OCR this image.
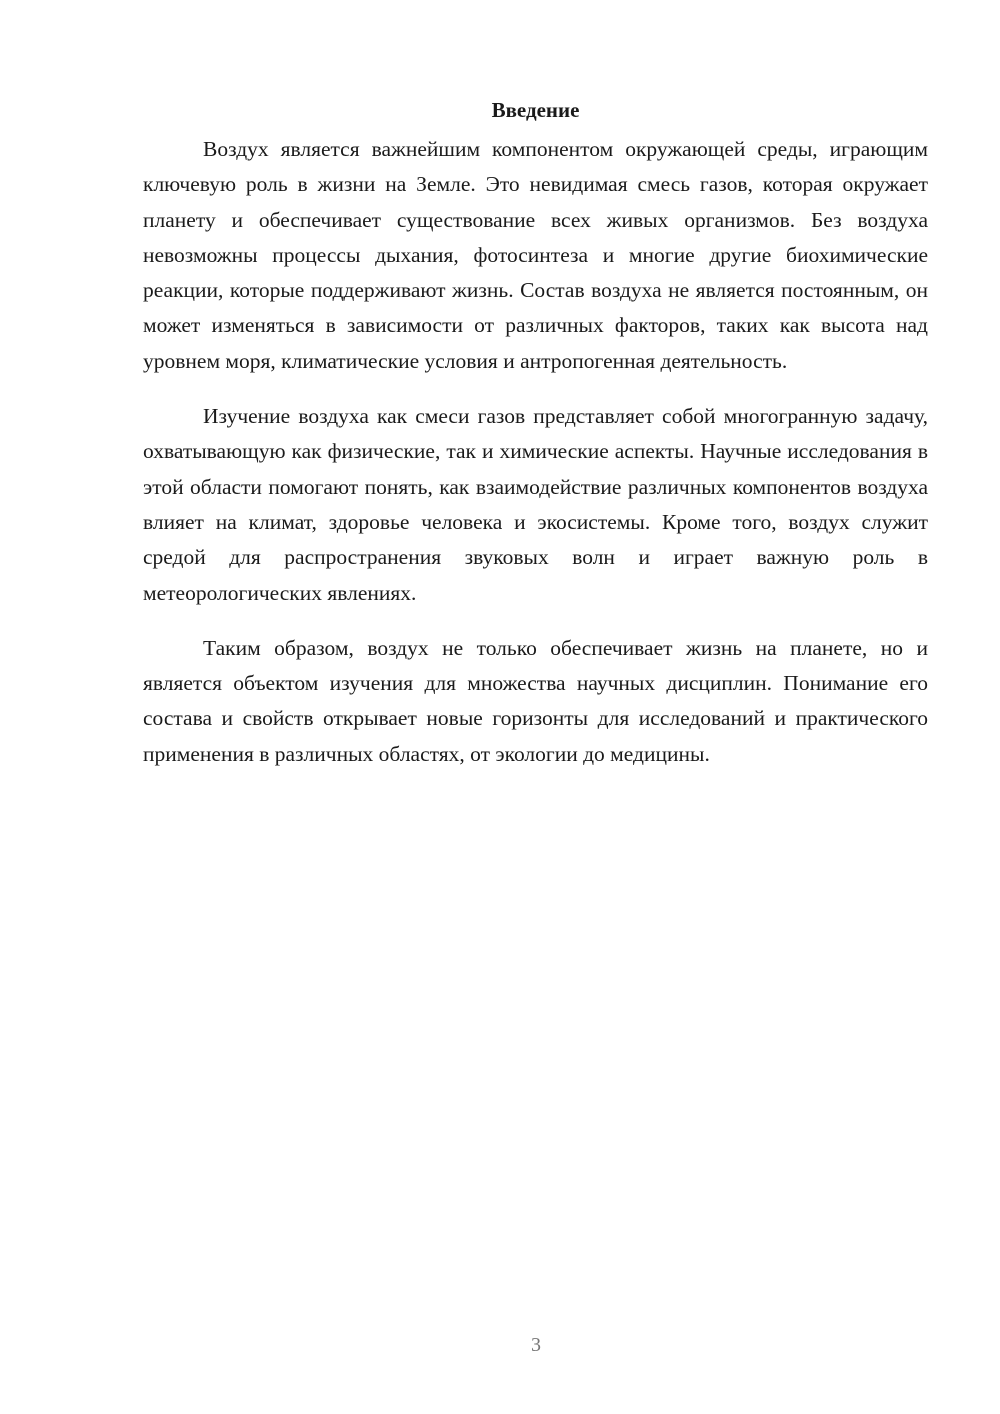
Введение

Воздух является важнейшим компонентом окружающей среды, играющим ключевую роль в жизни на Земле. Это невидимая смесь газов, которая окружает планету и обеспечивает существование всех живых организмов. Без воздуха невозможны процессы дыхания, фотосинтеза и многие другие биохимические реакции, которые поддерживают жизнь. Состав воздуха не является постоянным, он может изменяться в зависимости от различных факторов, таких как высота над уровнем моря, климатические условия и антропогенная деятельность.

Изучение воздуха как смеси газов представляет собой многогранную задачу, охватывающую как физические, так и химические аспекты. Научные исследования в этой области помогают понять, как взаимодействие различных компонентов воздуха влияет на климат, здоровье человека и экосистемы. Кроме того, воздух служит средой для распространения звуковых волн и играет важную роль в метеорологических явлениях.

Таким образом, воздух не только обеспечивает жизнь на планете, но и является объектом изучения для множества научных дисциплин. Понимание его состава и свойств открывает новые горизонты для исследований и практического применения в различных областях, от экологии до медицины.

3
